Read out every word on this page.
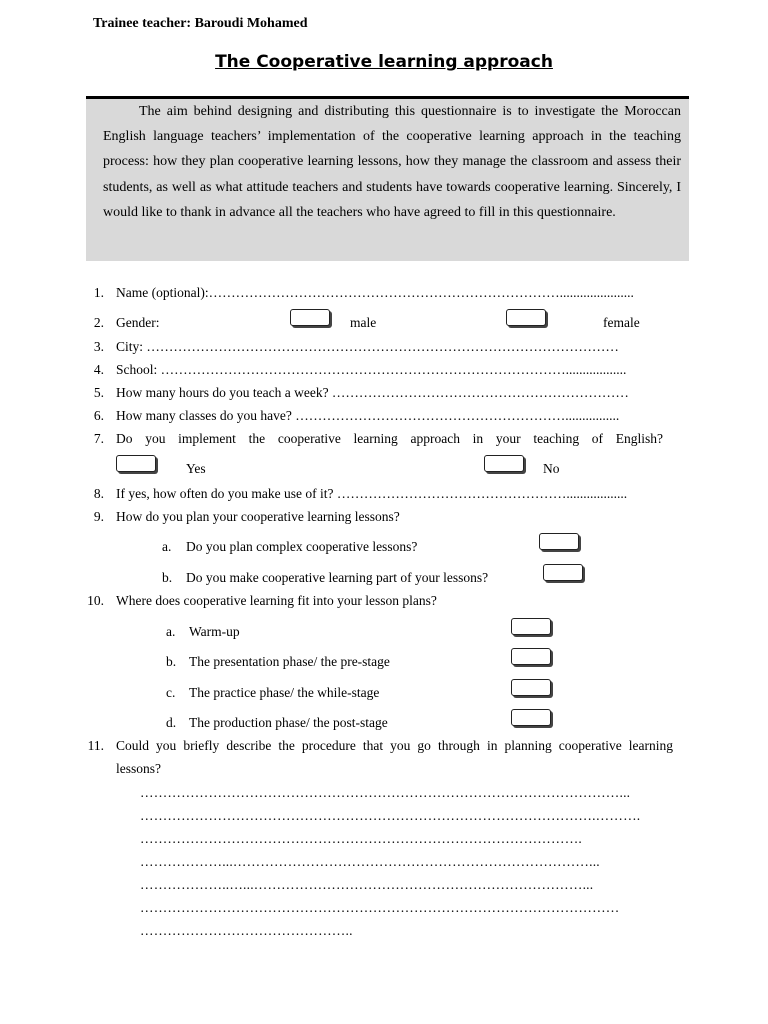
Trainee teacher: Baroudi Mohamed
The Cooperative learning approach
The aim behind designing and distributing this questionnaire is to investigate the Moroccan English language teachers’ implementation of the cooperative learning approach in the teaching process: how they plan cooperative learning lessons, how they manage the classroom and assess their students, as well as what attitude teachers and students have towards cooperative learning. Sincerely, I would like to thank in advance all the teachers who have agreed to fill in this questionnaire.
1. Name (optional):……………………………………………………………………......................
2. Gender:	male	female
3. City: ……………………………………………………………………………………………
4. School: ………………………………………………………………………………..................
5. How many hours do you teach a week? …………………………………………………………
6. How many classes do you have? ……………………………………………………................
7. Do you implement the cooperative learning approach in your teaching of English?
Yes	No
8. If yes, how often do you make use of it? ……………………………………………..................
9. How do you plan your cooperative learning lessons?
a. Do you plan complex cooperative lessons?
b. Do you make cooperative learning part of your lessons?
10. Where does cooperative learning fit into your lesson plans?
a. Warm-up
b. The presentation phase/ the pre-stage
c. The practice phase/ the while-stage
d. The production phase/ the post-stage
11. Could you briefly describe the procedure that you go through in planning cooperative learning
lessons?
……………………………………………………………………………………………...
……………………………………………………………………………………….……….
…………………………………………………………………………………….
………………...……………………………………………………………………...
………………..…...………………………………………………………………...
……………………………………………………………………………………………
………………………………………..
